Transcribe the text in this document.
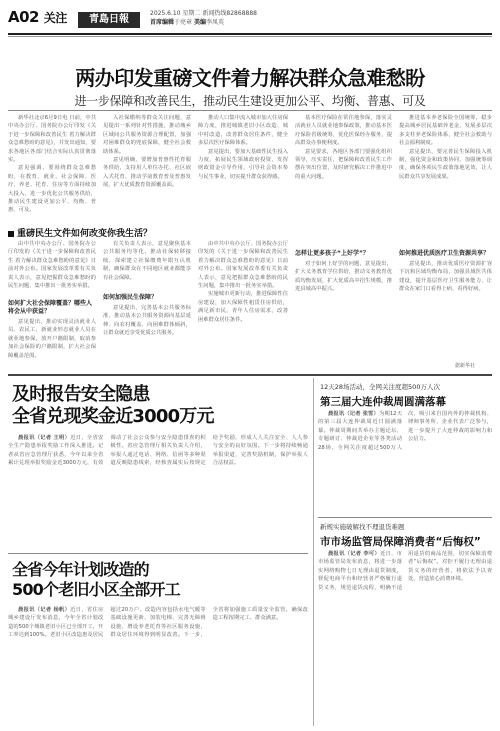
A02 关注	青島日報
2025.6.10 星期二 新闻热线82868888
首席编辑于亮章 美编李凤英
两办印发重磅文件着力解决群众急难愁盼
进一步保障和改善民生，推动民生建设更加公平、均衡、普惠、可及

新华社北京6月9日电 日前，中共中央办公厅、国务院办公厅印发《关于进一步保障和改善民生 着力解决群众急难愁盼的意见》，并发出通知，要求各地区各部门结合实际认真贯彻落实。

意见强调，要围绕群众急难愁盼，在教育、就业、社会保障、医疗、养老、托育、住房等方面持续加大投入，进一步优化公共服务供给，推动民生建设更加公平、均衡、普惠、可及。

入社保缴纳等群众关注问题，意见提出一系列针对性措施，推动城乡区域间公共服务资源合理配置，加强对困难群众的兜底保障，健全社会救助体系。

意见明确，要增加普惠性托育服务供给，支持用人单位办托、社区嵌入式托育，推动学前教育普及普惠发展，扩大优质教育资源覆盖面。

推动人口集中流入城市加大住房保障力度，推进城镇老旧小区改造、城中村改造，改善群众居住条件，健全多层次医疗保障体系。

意见提出，要加大基础性民生投入力度，拓展民生领域政府投资，发挥财政资金引导作用，引导社会资本参与民生事业，切实提升群众获得感。

基本医疗保险在常住地参保，落实灵活就业人员就业地参保政策，推动基本医疗保险省级统筹，优化医保经办服务，提高群众办事便利度。

意见要求，各地区各部门要强化组织领导，压实责任，把保障和改善民生工作摆在突出位置，及时研究解决工作推进中的重大问题。

推进基本养老保险全国统筹，稳步提高城乡居民基础养老金，发展多层次多支柱养老保险体系，健全社会救助与社会福利制度。

意见提出，要完善民生保障投入机制，强化资金和政策协同，加强统筹调度，确保各项民生政策落地见效，让人民群众共享发展成果。

重磅民生文件如何改变你我生活？

由中共中央办公厅、国务院办公厅印发的《关于进一步保障和改善民生 着力解决群众急难愁盼的意见》日前对外公布。国家发展改革委有关负责人表示，意见把握群众急难愁盼的民生问题，集中推出一批务实举措。

如何扩大社会保障覆盖？哪些人将会从中获益？

意见提出，推动实现灵活就业人员、农民工、新就业形态就业人员在就业地参保，放开户籍限制，取消参加社会保险的户籍限制，扩大社会保障覆盖范围。

有关负责人表示，意见聚焦基本公共服务均等化，推动社保转移接续，探索建立社保缴费年限互认机制，确保群众在不同地区就业都能享有社会保障。

如何加强民生保障？

意见提出，完善基本公共服务标准，推动基本公共服务资源向基层延伸、向农村覆盖、向困难群体倾斜，让群众就近享受优质公共服务。

由中共中央办公厅、国务院办公厅印发的《关于进一步保障和改善民生 着力解决群众急难愁盼的意见》日前对外公布。国家发展改革委有关负责人表示，意见把握群众急难愁盼的民生问题，集中推出一批务实举措。

实施城市更新行动，推进保障性住房建设，加大保障性租赁住房供给，满足新市民、青年人住房需求，改善困难群众居住条件。

怎样让更多孩子“上好学”？

对于如何上好学的问题，意见提出，扩大义务教育学位供给，推动义务教育优质均衡发展，扩大优质高中招生规模，推进县域高中振兴。

如何推进优质医疗卫生资源共享？

意见提出，推动优质医疗资源扩容下沉和区域均衡布局，加强县域医共体建设，提升基层医疗卫生服务能力，让群众在家门口看得上病、看得好病。

据新华社
及时报告安全隐患
全省兑现奖金近3000万元

晨报讯（记者 王明）近日，全省安全生产隐患举报奖励工作深入推进。记者从省应急管理厅获悉，今年以来全省累计兑现举报奖励金近3000万元，有效调动了社会公众参与安全隐患排查的积极性。省应急管理厅相关负责人介绍，举报人通过电话、网络、信函等多种渠道反映隐患线索，经核查属实后按规定给予奖励，形成人人关注安全、人人参与安全的良好氛围。下一步将持续畅通举报渠道，完善奖励机制，保护举报人合法权益。

全省今年计划改造的
500个老旧小区全部开工

晨报讯（记者 杨帆）近日，省住房城乡建设厅发布消息，今年全省计划改造的500个城镇老旧小区已全部开工，开工率达到100%。老旧小区改造惠及居民超过20万户，改造内容包括水电气暖等基础设施更新、加装电梯、完善无障碍设施、增设养老托育等社区服务设施，群众居住环境得到明显改善。下一步，全省将加强施工质量安全监管，确保改造工程按期完工、群众满意。

12天28场活动，全网关注度超500万人次
第三届大连仲裁周圆满落幕

晨报讯（记者 张雪）为期12天的第三届大连仲裁周近日圆满落幕。仲裁周期间共举办主题论坛、专题研讨、仲裁进企业等各类活动28场，全网关注度超过500万人次，吸引来自国内外的仲裁机构、律师事务所、企业代表广泛参与，进一步提升了大连仲裁的影响力和公信力。

新规实施破解找不理退货难题
市市场监管局保障消费者“后悔权”

晨报讯（记者 李可）近日，市市场监管局发布消息，将进一步落实网络购物七日无理由退货制度，督促电商平台和经营者严格履行退货义务，规范退货流程，明确不适用退货的商品范围，切实保障消费者“后悔权”。对拒不履行无理由退货义务的经营者，将依法予以查处，营造放心消费环境。
